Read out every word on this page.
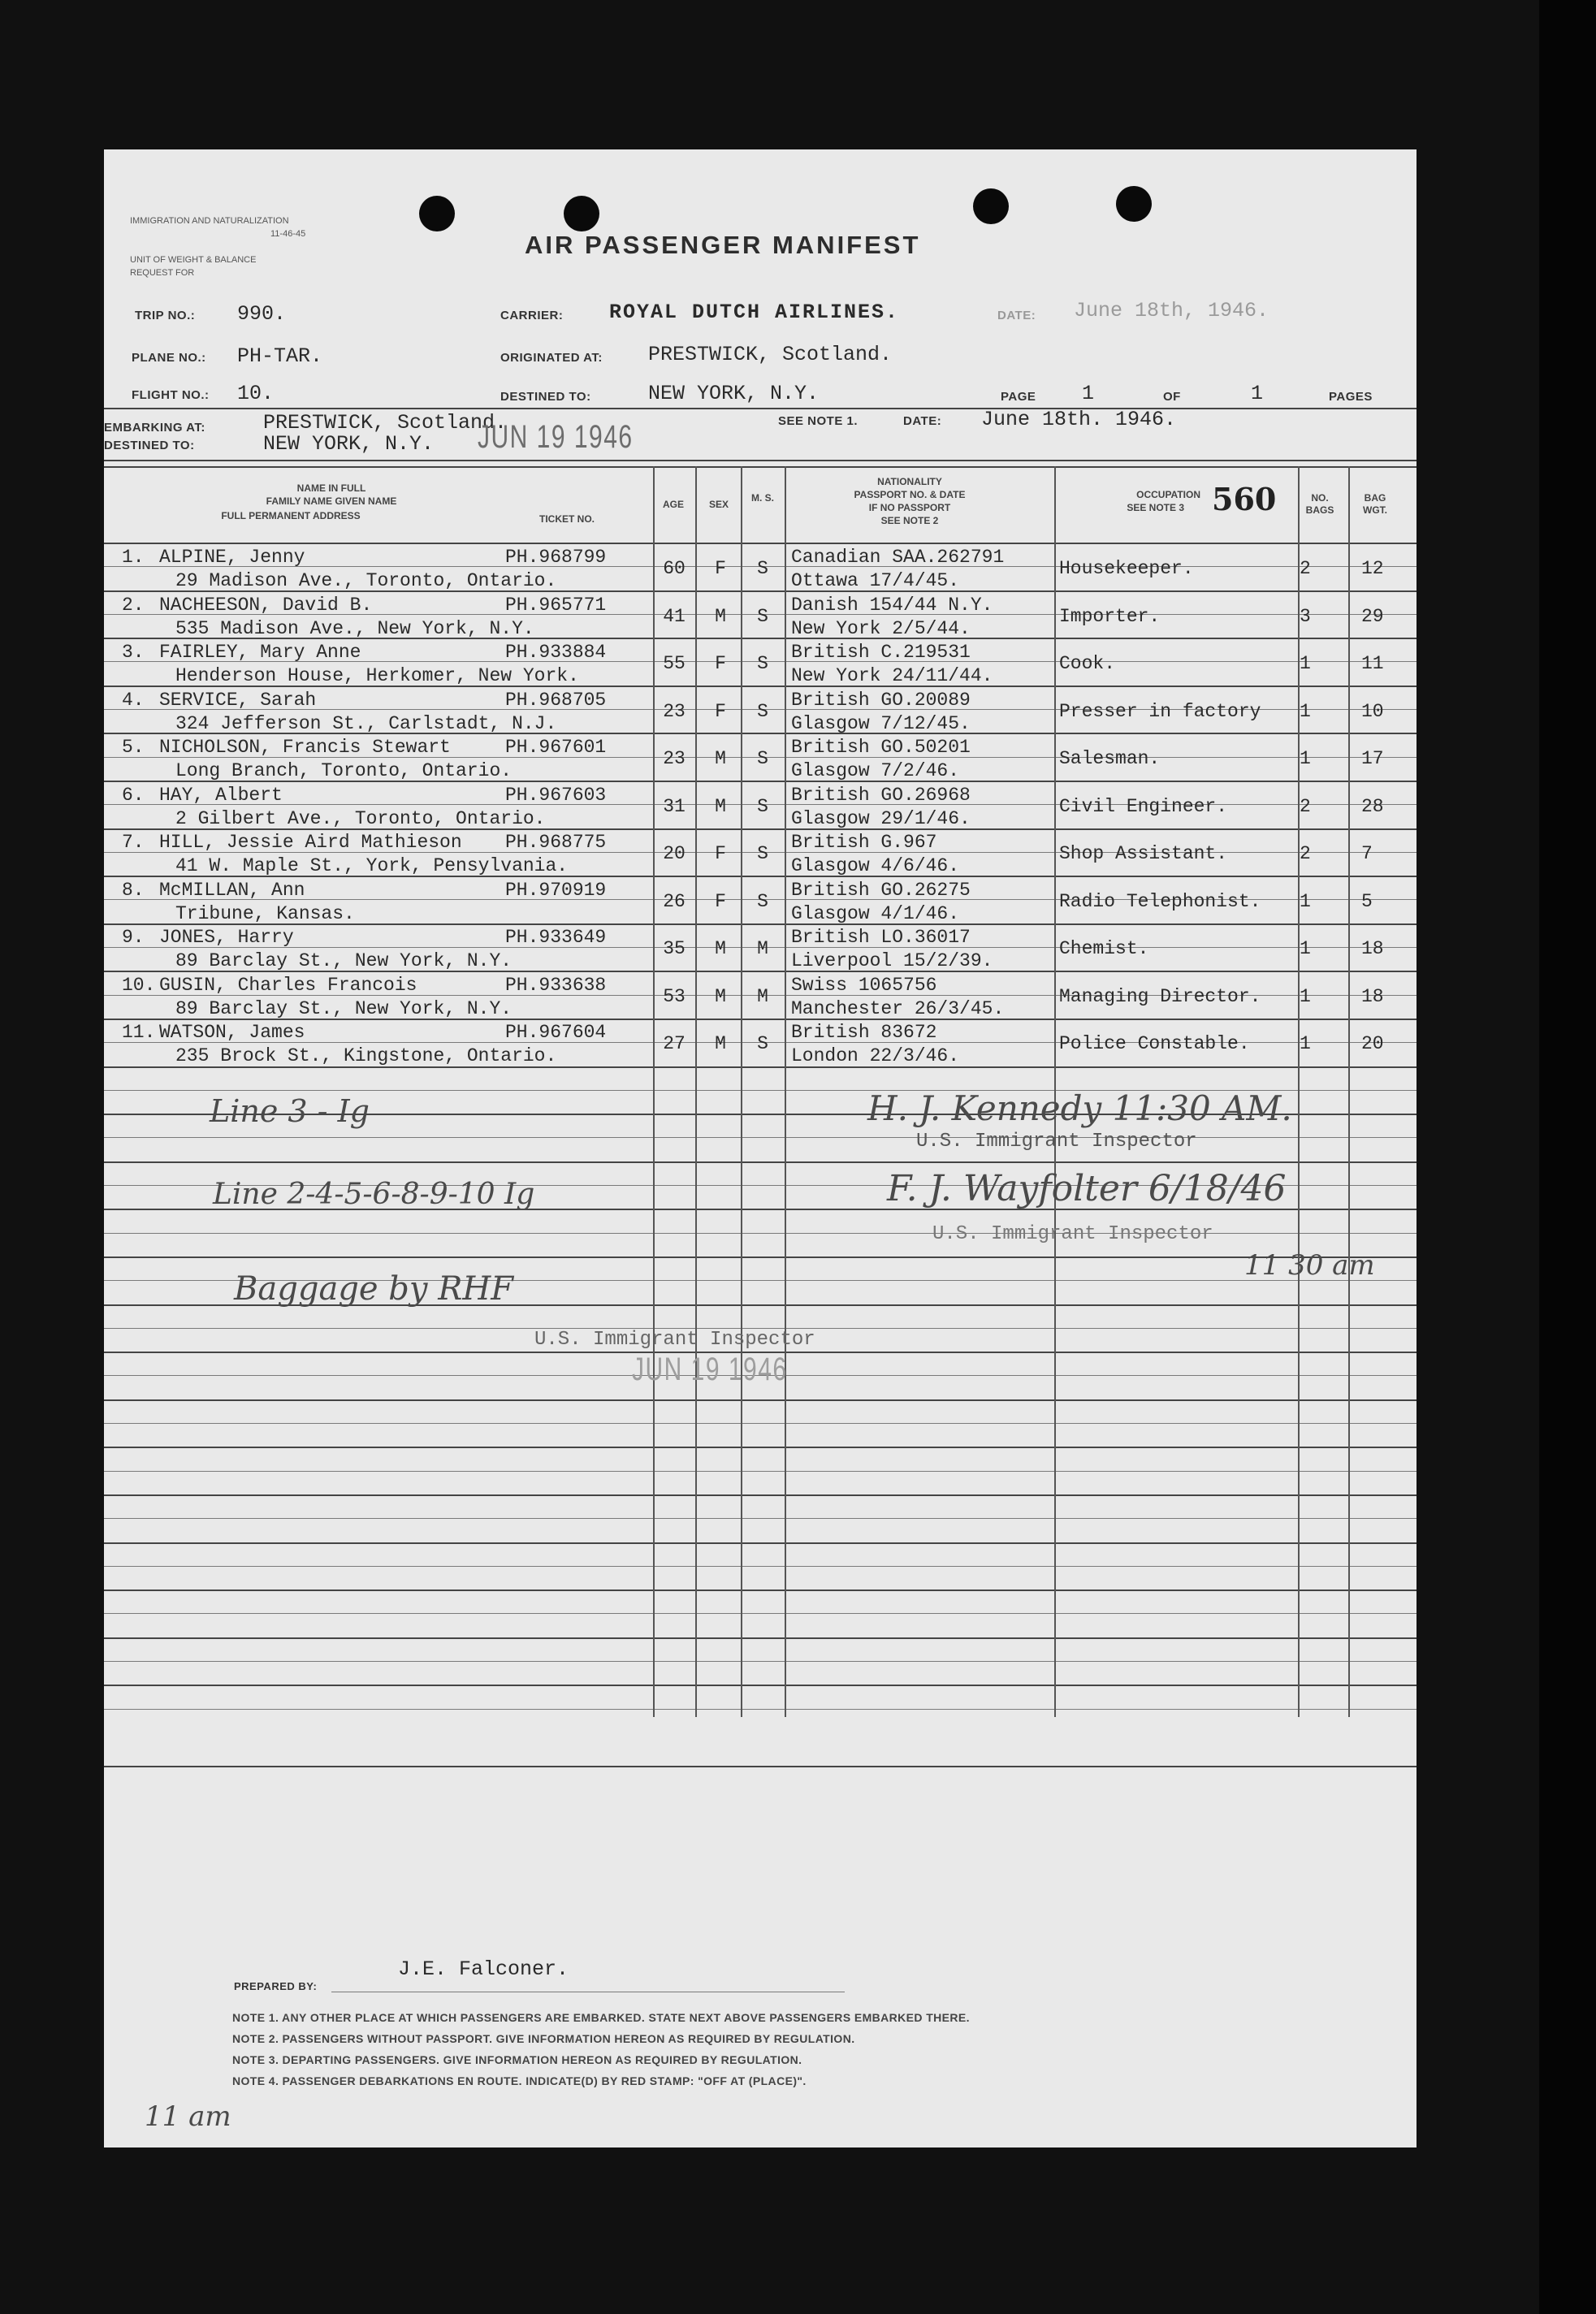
IMMIGRATION AND NATURALIZATION
11-46-45
UNIT OF WEIGHT & BALANCE
REQUEST FOR
AIR PASSENGER MANIFEST
TRIP NO.: 990.
PLANE NO.: PH-TAR.
FLIGHT NO.: 10.
CARRIER: ROYAL DUTCH AIRLINES.
ORIGINATED AT: PRESTWICK, Scotland.
DESTINED TO:	NEW YORK, N.Y.
DATE: June 18th, 1946.
PAGE 1	OF	1	PAGES
EMBARKING AT:	PRESTWICK, Scotland.
DESTINED TO:	NEW YORK, N.Y. JUN 19 1946	SEE NOTE 1.	DATE: June 18th. 1946.
NAME IN FULL
FAMILY NAME GIVEN NAME
FULL PERMANENT ADDRESS	TICKET NO.
AGE	SEX
M. S.
NATIONALITY
PASSPORT NO. & DATE
IF NO PASSPORT
SEE NOTE 2
OCCUPATION
SEE NOTE 3 560	NO. BAGS
BAG WGT.
1. ALPINE, Jenny	PH.968799
29 Madison Ave., Toronto, Ontario.
60	F	S
Canadian SAA.262791
Ottawa 17/4/45.
Housekeeper.	2	12
2. NACHEESON, David B.	PH.965771
535 Madison Ave., New York, N.Y.
41	M	S
Danish 154/44 N.Y.
New York 2/5/44.
Importer.	3	29
3. FAIRLEY, Mary Anne	PH.933884
Henderson House, Herkomer, New York.
55	F	S
British C.219531
New York 24/11/44.
Cook.	1	11
4. SERVICE, Sarah	PH.968705
324 Jefferson St., Carlstadt, N.J.
23	F	S
British GO.20089
Glasgow 7/12/45.
Presser in factory 1	10
5. NICHOLSON, Francis Stewart	PH.967601
Long Branch, Toronto, Ontario.
23	M	S
British GO.50201
Glasgow 7/2/46.
Salesman.	1	17
6. HAY, Albert	PH.967603
2 Gilbert Ave., Toronto, Ontario.
31	M	S
British GO.26968
Glasgow 29/1/46.
Civil Engineer.	2	28
7. HILL, Jessie Aird Mathieson PH.968775
41 W. Maple St., York, Pensylvania.
20	F	S
British G.967
Glasgow 4/6/46.
Shop Assistant.	2	7
8. McMILLAN, Ann	PH.970919
Tribune, Kansas.
26	F	S
British GO.26275
Glasgow 4/1/46.
Radio Telephonist. 1	5
9. JONES, Harry	PH.933649
89 Barclay St., New York, N.Y.
35	M	M
British LO.36017
Liverpool 15/2/39.
Chemist.	1	18
10. GUSIN, Charles Francois	PH.933638
89 Barclay St., New York, N.Y.
53	M	M
Swiss 1065756
Manchester 26/3/45.
Managing Director. 1	18
11. WATSON, James	PH.967604
235 Brock St., Kingstone, Ontario.
27	M	S
British 83672
London 22/3/46.
Police Constable.	1	20
Line 3 - Ig	H. J. Kennedy 11:30 AM.
U.S. Immigrant Inspector
Line 2-4-5-6-8-9-10 Ig	F. J. Wayfolter 6/18/46
U.S. Immigrant Inspector
11 30 am
Baggage by RHF
U.S. Immigrant Inspector
JUN 19 1946
PREPARED BY:
J.E. Falconer.
NOTE 1. ANY OTHER PLACE AT WHICH PASSENGERS ARE EMBARKED. STATE NEXT ABOVE PASSENGERS EMBARKED THERE.
NOTE 2. PASSENGERS WITHOUT PASSPORT. GIVE INFORMATION HEREON AS REQUIRED BY REGULATION.
NOTE 3. DEPARTING PASSENGERS. GIVE INFORMATION HEREON AS REQUIRED BY REGULATION.
NOTE 4. PASSENGER DEBARKATIONS EN ROUTE. INDICATE(D) BY RED STAMP: "OFF AT (PLACE)".
11 am
